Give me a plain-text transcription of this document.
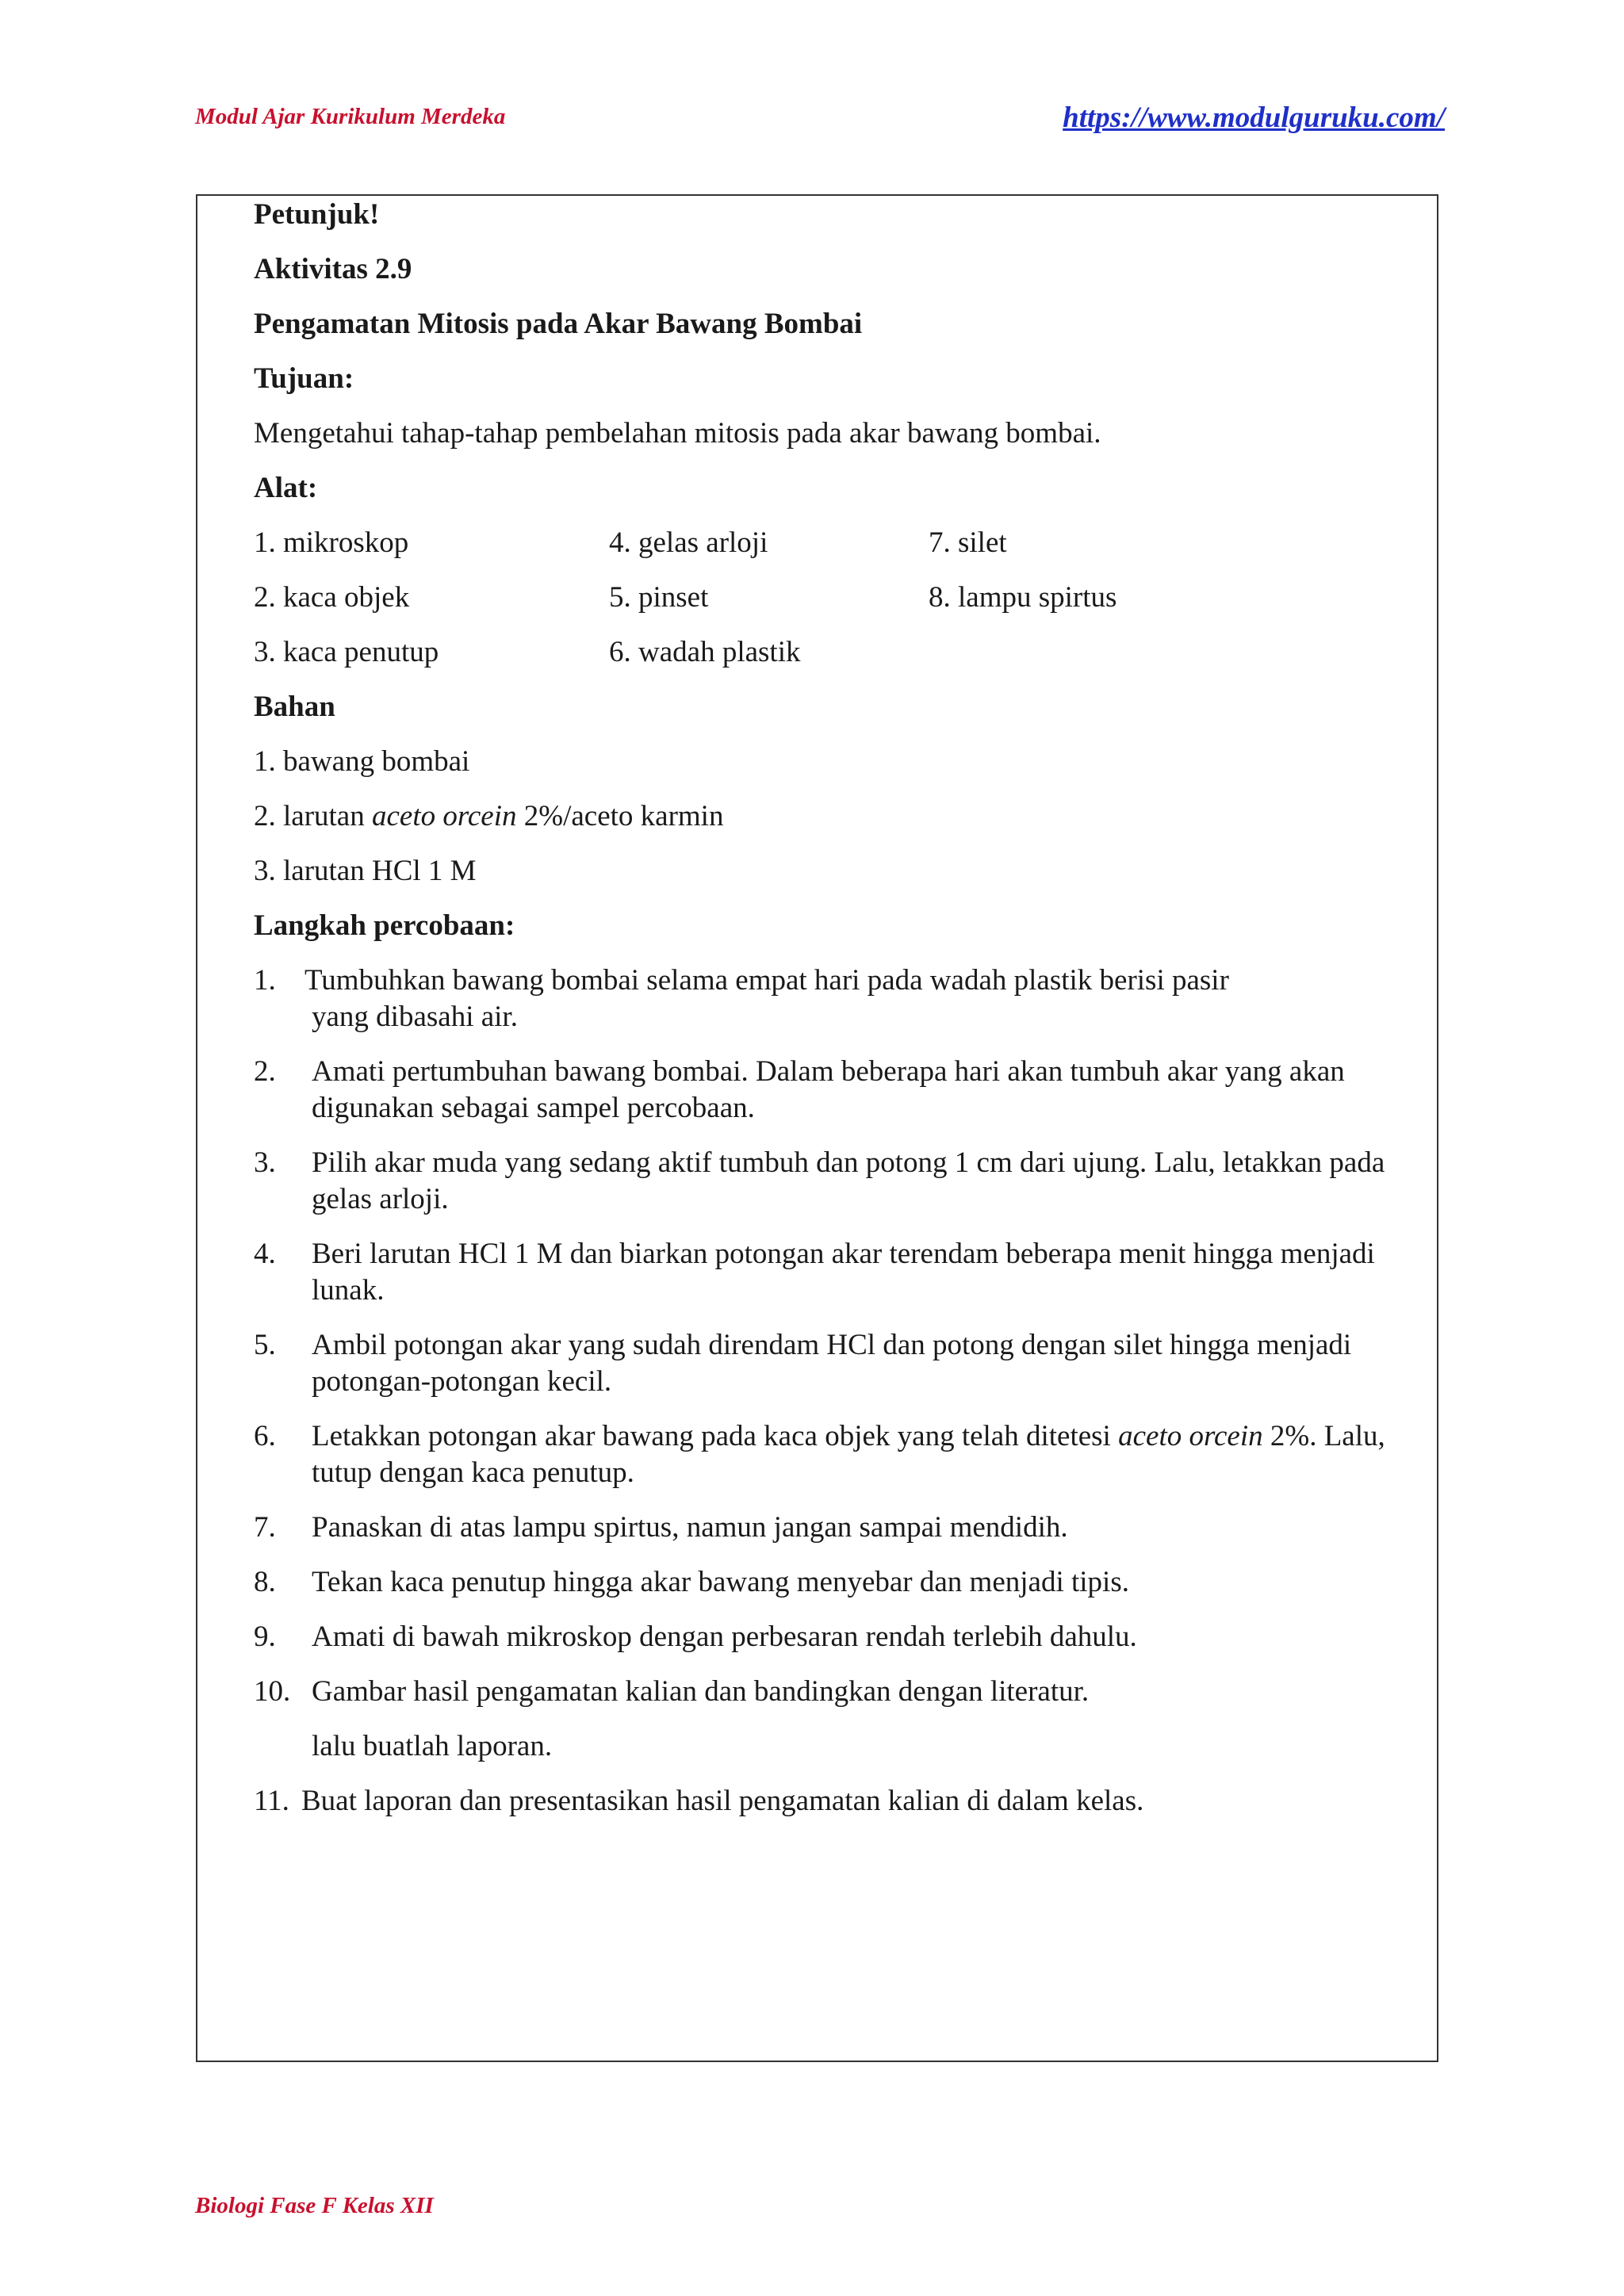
Modul Ajar Kurikulum Merdeka	https://www.modulguruku.com/
Petunjuk!
Aktivitas 2.9
Pengamatan Mitosis pada Akar Bawang Bombai
Tujuan:
Mengetahui tahap-tahap pembelahan mitosis pada akar bawang bombai.
Alat:
1. mikroskop	4. gelas arloji	7. silet
2. kaca objek	5. pinset	8. lampu spirtus
3. kaca penutup	6. wadah plastik
Bahan
1. bawang bombai
2. larutan aceto orcein 2%/aceto karmin
3. larutan HCl 1 M
Langkah percobaan:
1. Tumbuhkan bawang bombai selama empat hari pada wadah plastik berisi pasir
yang dibasahi air.
2.	Amati pertumbuhan bawang bombai. Dalam beberapa hari akan tumbuh akar yang akan digunakan sebagai sampel percobaan.
3.	Pilih akar muda yang sedang aktif tumbuh dan potong 1 cm dari ujung. Lalu, letakkan pada gelas arloji.
4.	Beri larutan HCl 1 M dan biarkan potongan akar terendam beberapa menit hingga menjadi lunak.
5.	Ambil potongan akar yang sudah direndam HCl dan potong dengan silet hingga menjadi potongan-potongan kecil.
6.	Letakkan potongan akar bawang pada kaca objek yang telah ditetesi aceto orcein 2%. Lalu, tutup dengan kaca penutup.
7.	Panaskan di atas lampu spirtus, namun jangan sampai mendidih.
8.	Tekan kaca penutup hingga akar bawang menyebar dan menjadi tipis.
9.	Amati di bawah mikroskop dengan perbesaran rendah terlebih dahulu.
10. Gambar hasil pengamatan kalian dan bandingkan dengan literatur.
lalu buatlah laporan.
11. Buat laporan dan presentasikan hasil pengamatan kalian di dalam kelas.
Biologi Fase F Kelas XII
